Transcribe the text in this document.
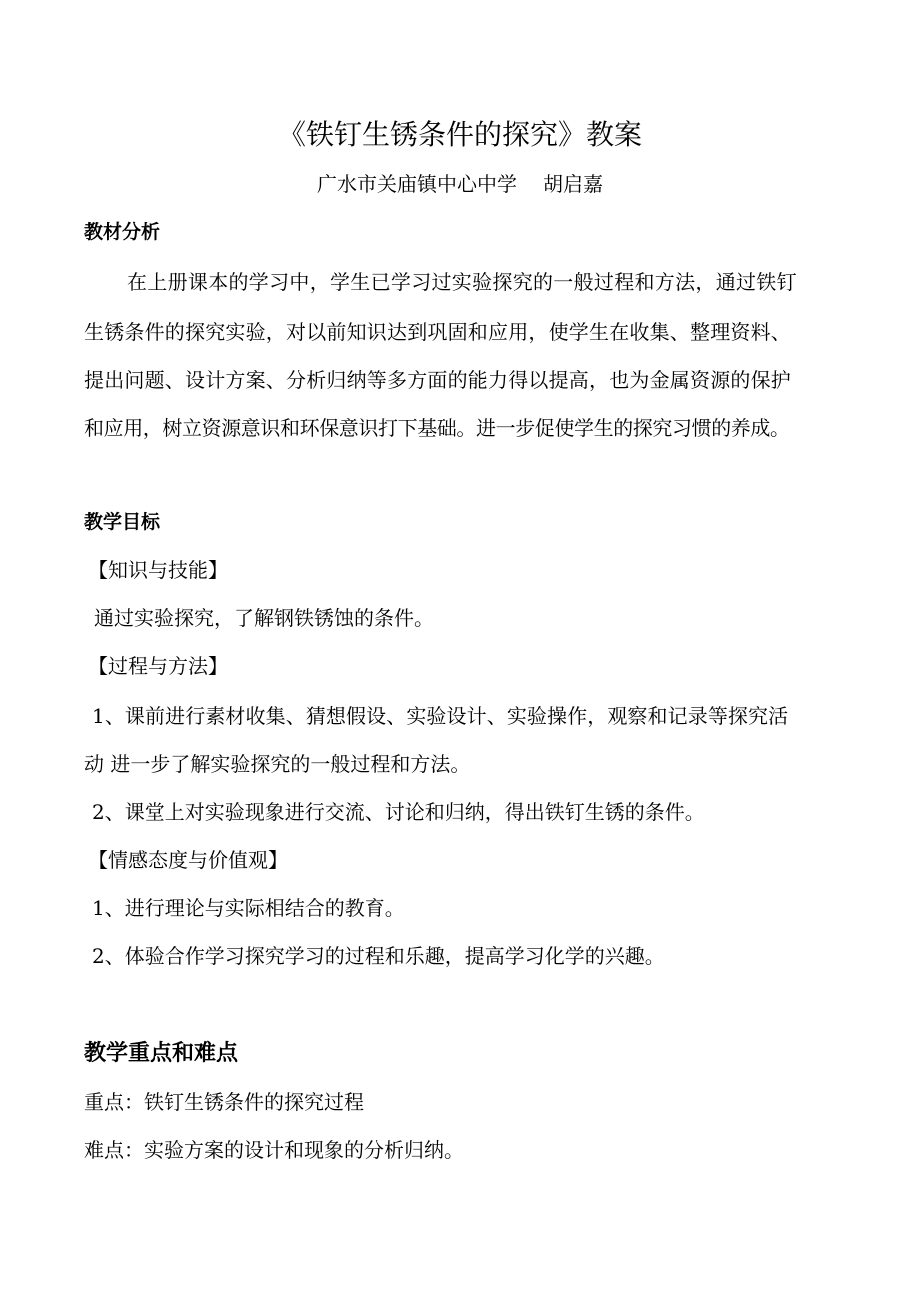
《铁钉生锈条件的探究》教案
广水市关庙镇中心中学 胡启嘉
教材分析
在上册课本的学习中，学生已学习过实验探究的一般过程和方法，通过铁钉
生锈条件的探究实验，对以前知识达到巩固和应用，使学生在收集、整理资料、
提出问题、设计方案、分析归纳等多方面的能力得以提高，也为金属资源的保护
和应用，树立资源意识和环保意识打下基础。进一步促使学生的探究习惯的养成。
教学目标
【知识与技能】
通过实验探究，了解钢铁锈蚀的条件。
【过程与方法】
1、课前进行素材收集、猜想假设、实验设计、实验操作，观察和记录等探究活
动 进一步了解实验探究的一般过程和方法。
2、课堂上对实验现象进行交流、讨论和归纳，得出铁钉生锈的条件。
【情感态度与价值观】
1、进行理论与实际相结合的教育。
2、体验合作学习探究学习的过程和乐趣，提高学习化学的兴趣。
教学重点和难点
重点：铁钉生锈条件的探究过程
难点：实验方案的设计和现象的分析归纳。
